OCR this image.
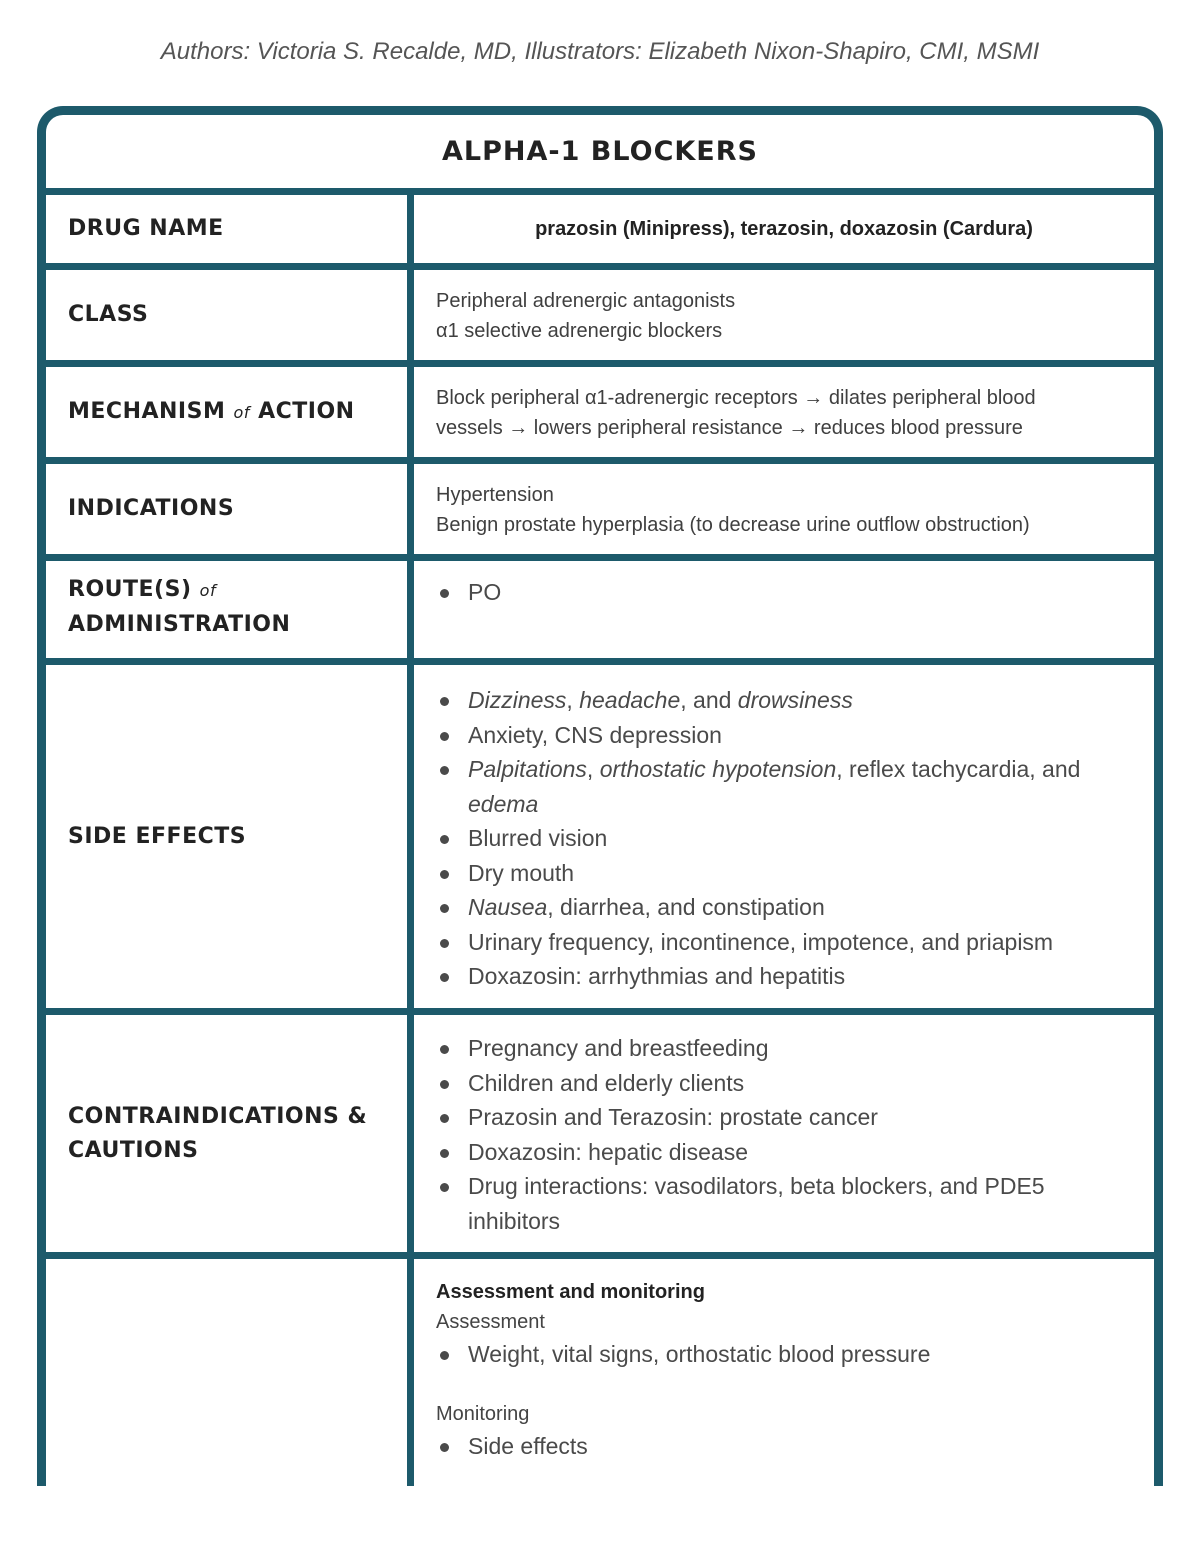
Authors: Victoria S. Recalde, MD, Illustrators: Elizabeth Nixon-Shapiro, CMI, MSMI
ALPHA-1 BLOCKERS
DRUG NAME	prazosin (Minipress), terazosin, doxazosin (Cardura)
CLASS
Peripheral adrenergic antagonists
α1 selective adrenergic blockers
MECHANISM of ACTION
Block peripheral α1-adrenergic receptors → dilates peripheral blood
vessels → lowers peripheral resistance → reduces blood pressure
INDICATIONS
Hypertension
Benign prostate hyperplasia (to decrease urine outflow obstruction)
ROUTE(S) of
ADMINISTRATION
PO
SIDE EFFECTS
Dizziness, headache, and drowsiness
Anxiety, CNS depression
Palpitations, orthostatic hypotension, reflex tachycardia, and edema
Blurred vision
Dry mouth
Nausea, diarrhea, and constipation
Urinary frequency, incontinence, impotence, and priapism
Doxazosin: arrhythmias and hepatitis
CONTRAINDICATIONS &
CAUTIONS
Pregnancy and breastfeeding
Children and elderly clients
Prazosin and Terazosin: prostate cancer
Doxazosin: hepatic disease
Drug interactions: vasodilators, beta blockers, and PDE5 inhibitors
Assessment and monitoring
Assessment
Weight, vital signs, orthostatic blood pressure
Monitoring
Side effects
